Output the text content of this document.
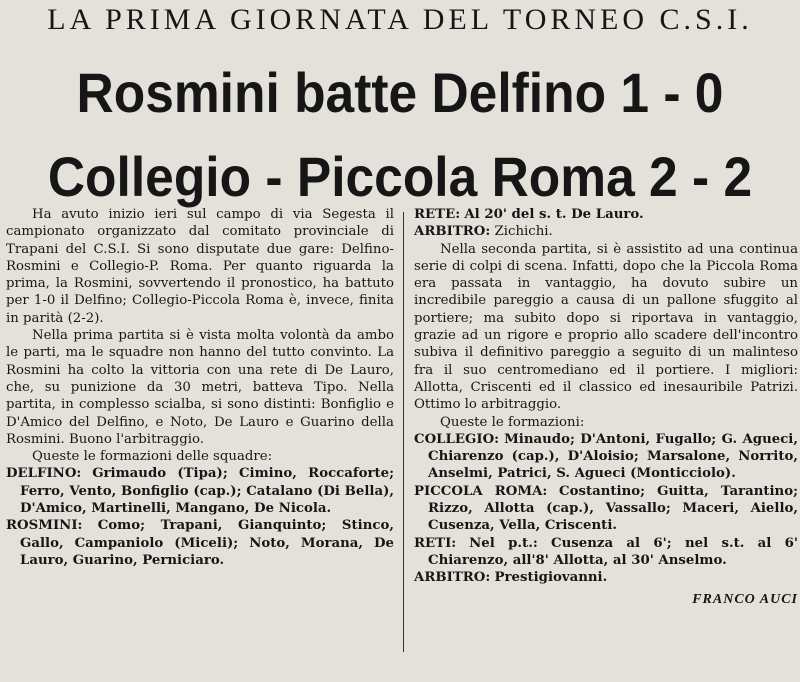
LA PRIMA GIORNATA DEL TORNEO C.S.I.
Rosmini batte Delfino 1 - 0
Collegio - Piccola Roma 2 - 2

Ha avuto inizio ieri sul campo di via Segesta il campionato organizzato dal comitato provinciale di Trapani del C.S.I. Si sono disputate due gare: Delfino-Rosmini e Collegio-P. Roma. Per quanto riguarda la prima, la Rosmini, sovvertendo il pronostico, ha battuto per 1-0 il Delfino; Collegio-Piccola Roma è, invece, finita in parità (2-2).

Nella prima partita si è vista molta volontà da ambo le parti, ma le squadre non hanno del tutto convinto. La Rosmini ha colto la vittoria con una rete di De Lauro, che, su punizione da 30 metri, batteva Tipo. Nella partita, in complesso scialba, si sono distinti: Bonfiglio e D'Amico del Delfino, e Noto, De Lauro e Guarino della Rosmini. Buono l'arbitraggio.

Queste le formazioni delle squadre:

DELFINO: Grimaudo (Tipa); Cimino, Roccaforte; Ferro, Vento, Bonfiglio (cap.); Catalano (Di Bella), D'Amico, Martinelli, Mangano, De Nicola.

ROSMINI: Como; Trapani, Gianquinto; Stinco, Gallo, Campaniolo (Miceli); Noto, Morana, De Lauro, Guarino, Perniciaro.

RETE: Al 20' del s. t. De Lauro.

ARBITRO: Zichichi.

Nella seconda partita, si è assistito ad una continua serie di colpi di scena. Infatti, dopo che la Piccola Roma era passata in vantaggio, ha dovuto subire un incredibile pareggio a causa di un pallone sfuggito al portiere; ma subito dopo si riportava in vantaggio, grazie ad un rigore e proprio allo scadere dell'incontro subiva il definitivo pareggio a seguito di un malinteso fra il suo centromediano ed il portiere. I migliori: Allotta, Criscenti ed il classico ed inesauribile Patrizi. Ottimo lo arbitraggio.

Queste le formazioni:

COLLEGIO: Minaudo; D'Antoni, Fugallo; G. Agueci, Chiarenzo (cap.), D'Aloisio; Marsalone, Norrito, Anselmi, Patrici, S. Agueci (Monticciolo).

PICCOLA ROMA: Costantino; Guitta, Tarantino; Rizzo, Allotta (cap.), Vassallo; Maceri, Aiello, Cusenza, Vella, Criscenti.

RETI: Nel p.t.: Cusenza al 6'; nel s.t. al 6' Chiarenzo, all'8' Allotta, al 30' Anselmo.

ARBITRO: Prestigiovanni.

FRANCO AUCI
